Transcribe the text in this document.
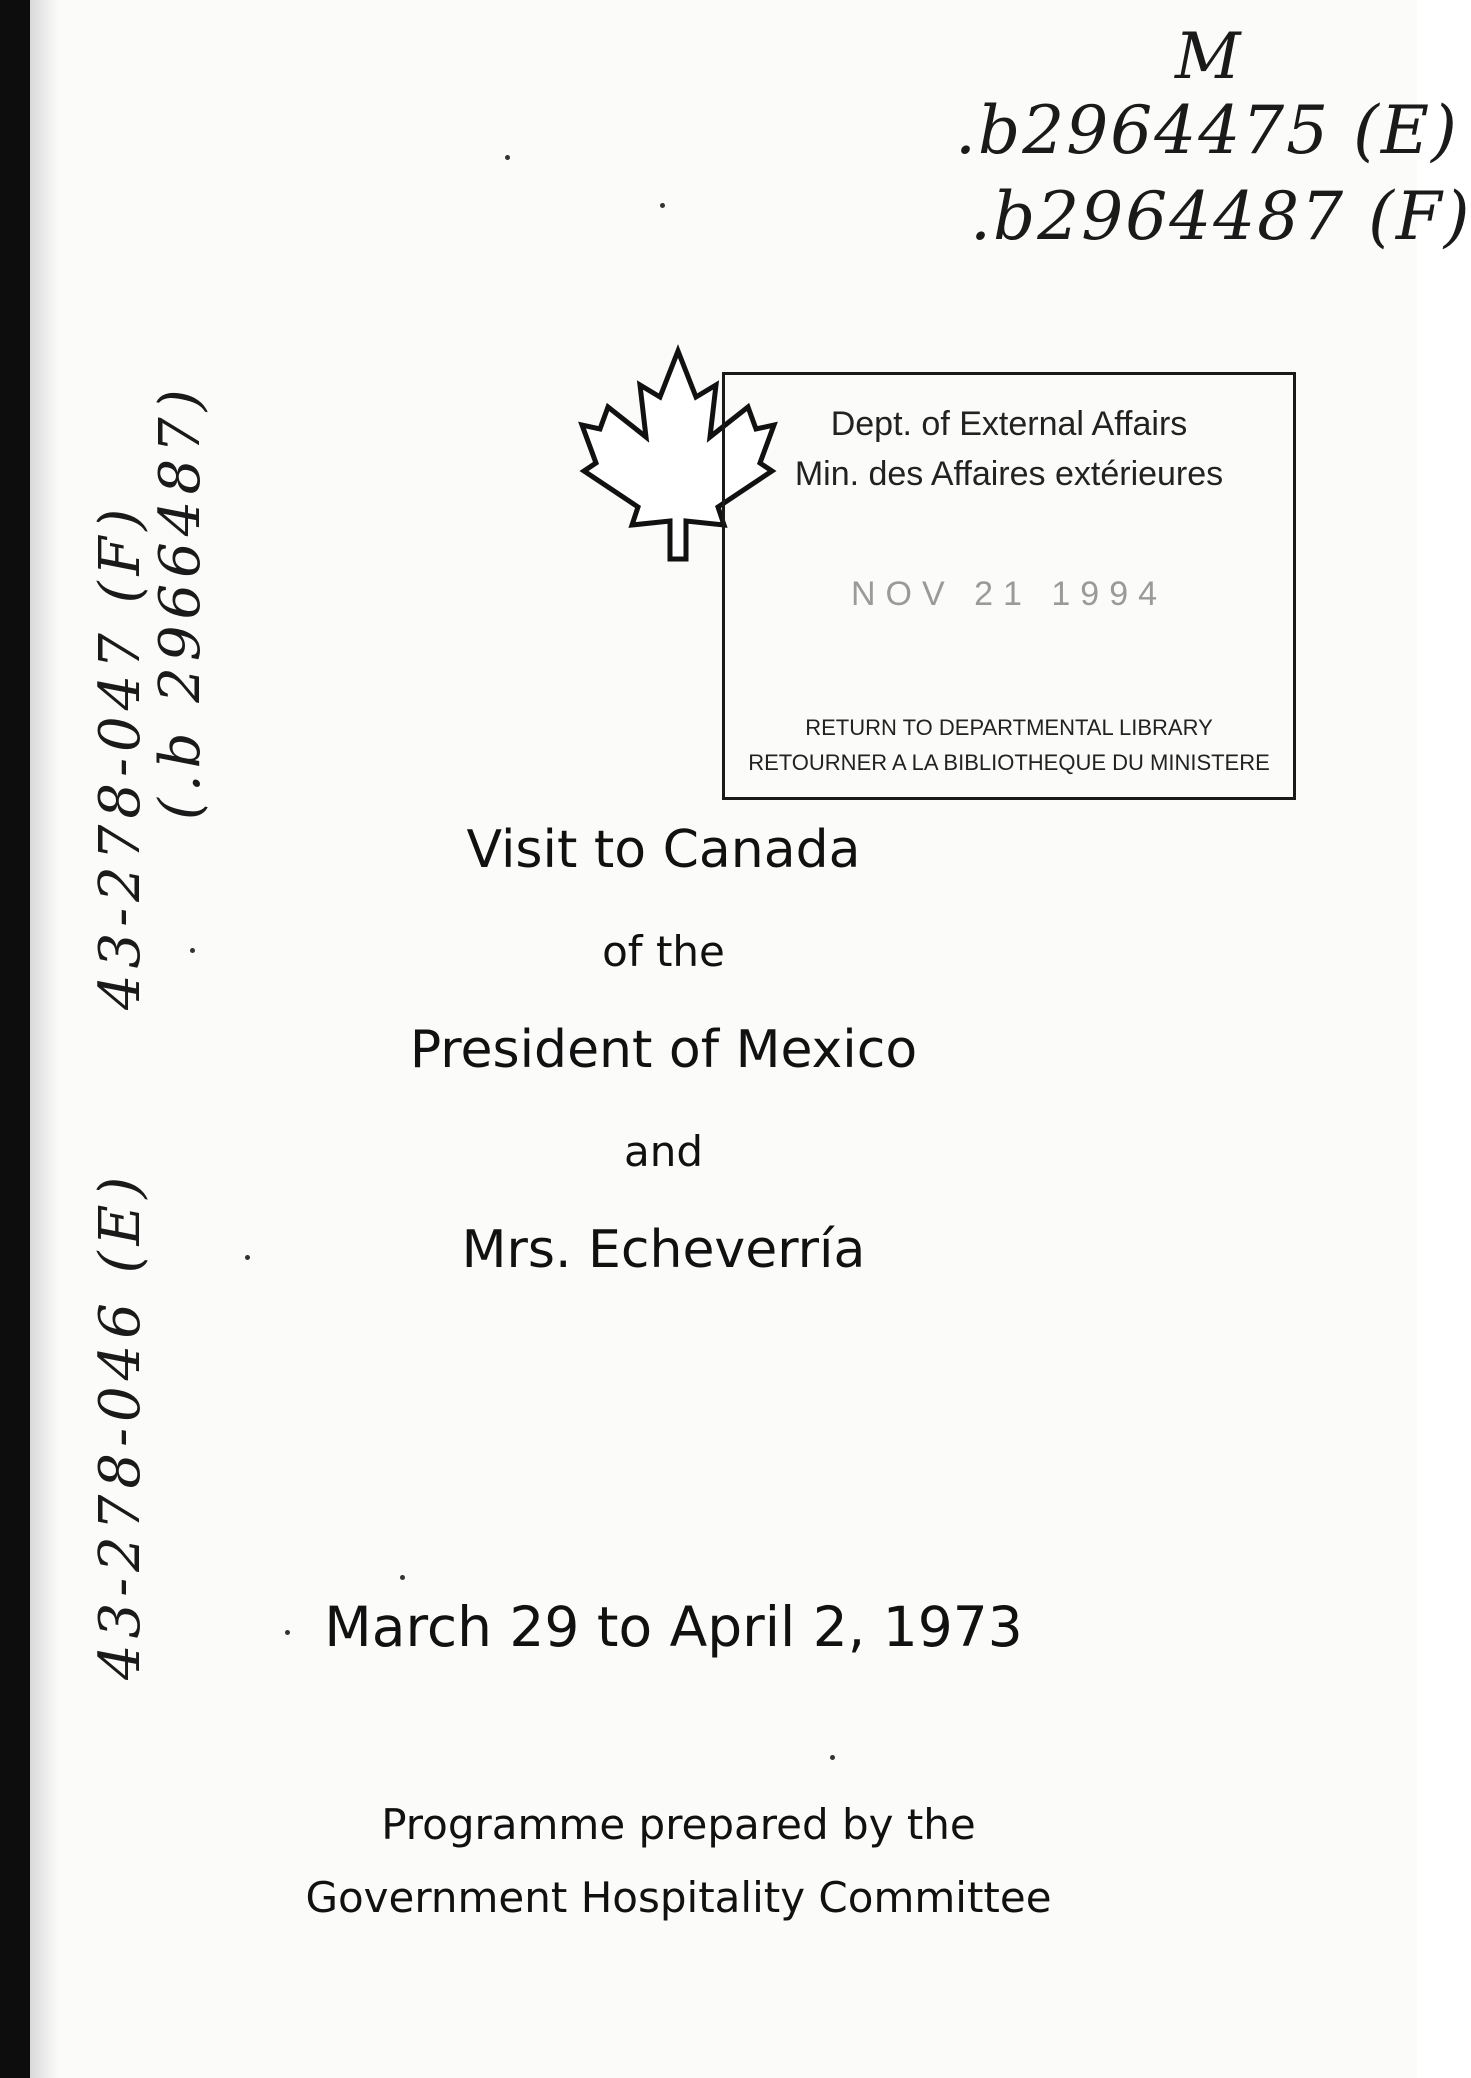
M
.b2964475 (E)
.b2964487 (F)
43-278-047 (F)
(.b 2966487)
43-278-046 (E)
Dept. of External Affairs
Min. des Affaires extérieures
NOV 21 1994
RETURN TO DEPARTMENTAL LIBRARY
RETOURNER A LA BIBLIOTHEQUE DU MINISTERE
Visit to Canada
of the
President of Mexico
and
Mrs. Echeverría
March 29 to April 2, 1973
Programme prepared by the
Government Hospitality Committee
